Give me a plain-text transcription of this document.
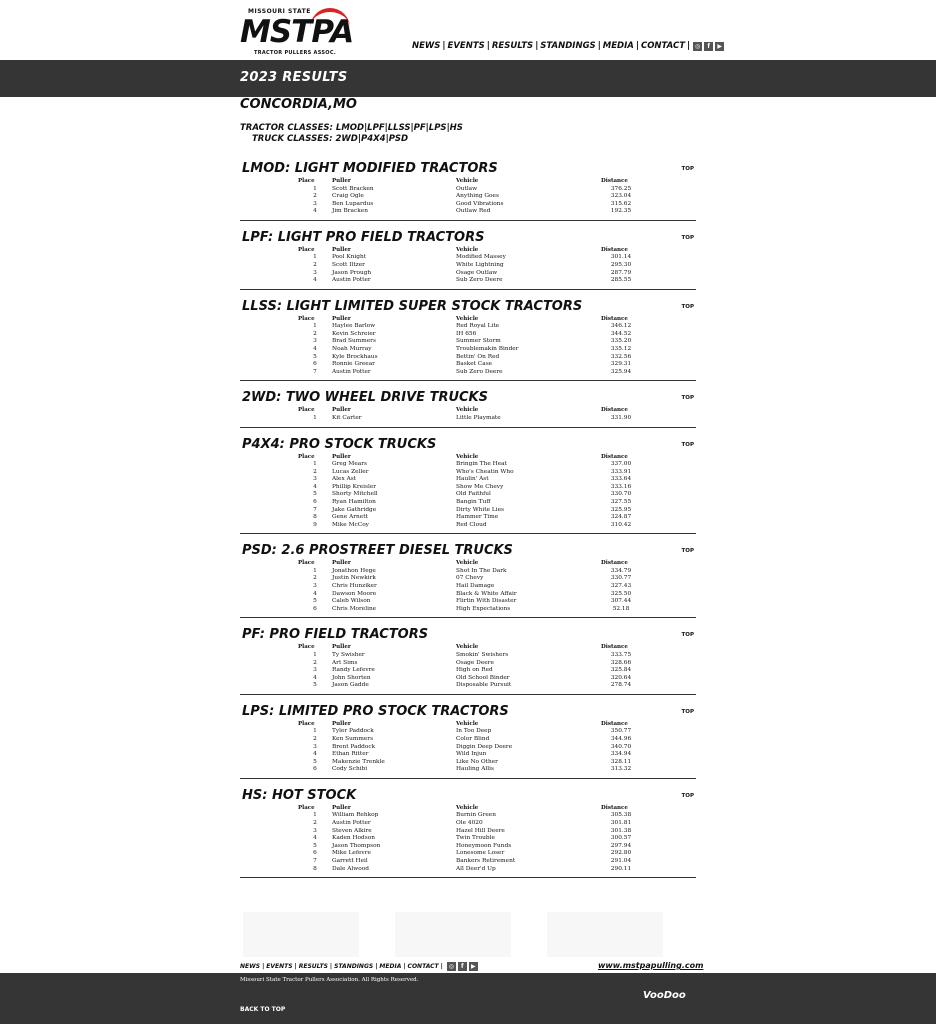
MISSOURI STATE
MSTPA
TRACTOR PULLERS ASSOC.
NEWS | EVENTS | RESULTS | STANDINGS | MEDIA | CONTACT | ◎	f	▶
2023 RESULTS
CONCORDIA,MO
TRACTOR CLASSES: LMOD|LPF|LLSS|PF|LPS|HS
TRUCK CLASSES: 2WD|P4X4|PSD
LMOD: LIGHT MODIFIED TRACTORS	TOP
Place	Puller	Vehicle	Distance
1	Scott Bracken	Outlaw	376.25
2	Craig Ogle	Anything Goes	323.04
3	Ben Lupardus	Good Vibrations	315.62
4	Jim Bracken	Outlaw Red	192.35
LPF: LIGHT PRO FIELD TRACTORS	TOP
Place	Puller	Vehicle	Distance
1	Pool Knight	Modified Massey	301.14
2	Scott Iltzer	White Lightning	295.30
3	Jason Prough	Osage Outlaw	287.79
4	Austin Potter	Sub Zero Deere	285.55
LLSS: LIGHT LIMITED SUPER STOCK TRACTORS	TOP
Place	Puller	Vehicle	Distance
1	Haylee Barlow	Red Royal Lite	346.12
2	Kevin Schreier	IH 656	344.52
3	Brad Summers	Summer Storm	335.20
4	Noah Murray	Troublemakin Binder	335.12
5	Kyle Brockhaus	Bettin' On Red	332.56
6	Ronnie Greear	Basket Case	329.31
7	Austin Potter	Sub Zero Deere	325.94
2WD: TWO WHEEL DRIVE TRUCKS	TOP
Place	Puller	Vehicle	Distance
1	Kit Carter	Little Playmate	331.90
P4X4: PRO STOCK TRUCKS	TOP
Place	Puller	Vehicle	Distance
1	Greg Mears	Bringin The Heat	337.00
2	Lucas Zeller	Who's Cheatin Who	333.91
3	Alex Ast	Haulin' Ast	333.64
4	Phillip Kreisler	Show Me Chevy	333.16
5	Shorty Mitchell	Old Faithful	330.70
6	Ryan Hamilton	Bangin Tuff	327.55
7	Jake Gathridge	Dirty White Lies	325.95
8	Gene Arnett	Hammer Time	324.87
9	Mike McCoy	Red Cloud	310.42
PSD: 2.6 PROSTREET DIESEL TRUCKS	TOP
Place	Puller	Vehicle	Distance
1	Jonathon Hege	Shot In The Dark	334.79
2	Justin Newkirk	07 Chevy	330.77
3	Chris Hunziker	Hail Damage	327.43
4	Dawson Moore	Black & White Affair	325.50
5	Caleb Wilson	Flirtin With Disaster	307.44
6	Chris Moreline	High Expectations	52.18
PF: PRO FIELD TRACTORS	TOP
Place	Puller	Vehicle	Distance
1	Ty Swisher	Smokin' Swishers	333.75
2	Art Sims	Osage Deere	328.66
3	Randy Lefevre	High on Red	325.84
4	John Shorten	Old School Binder	320.64
5	Jason Gadde	Disposable Pursuit	278.74
LPS: LIMITED PRO STOCK TRACTORS	TOP
Place	Puller	Vehicle	Distance
1	Tyler Paddock	In Too Deep	350.77
2	Ken Summers	Color Blind	344.96
3	Brent Paddock	Diggin Deep Deere	340.70
4	Ethan Ritter	Wild Injun	334.94
5	Makenzie Trenkle	Like No Other	328.11
6	Cody Schibi	Hauling Allis	313.32
HS: HOT STOCK	TOP
Place	Puller	Vehicle	Distance
1	William Rehkop	Burnin Green	305.38
2	Austin Potter	Ole 4020	301.81
3	Steven Alkire	Hazel Hill Deere	301.38
4	Kaden Hodson	Twin Trouble	300.57
5	Jason Thompson	Honeymoon Funds	297.94
6	Mike Lefevre	Lonesome Loser	292.80
7	Garrett Heil	Bankers Retirement	291.04
8	Dale Alwood	All Deer'd Up	290.11
NEWS | EVENTS | RESULTS | STANDINGS | MEDIA | CONTACT | ◎	f	▶	www.mstpapulling.com
Missouri State Tractor Pullers Association. All Rights Reserved.
BACK TO TOP
VooDoo
